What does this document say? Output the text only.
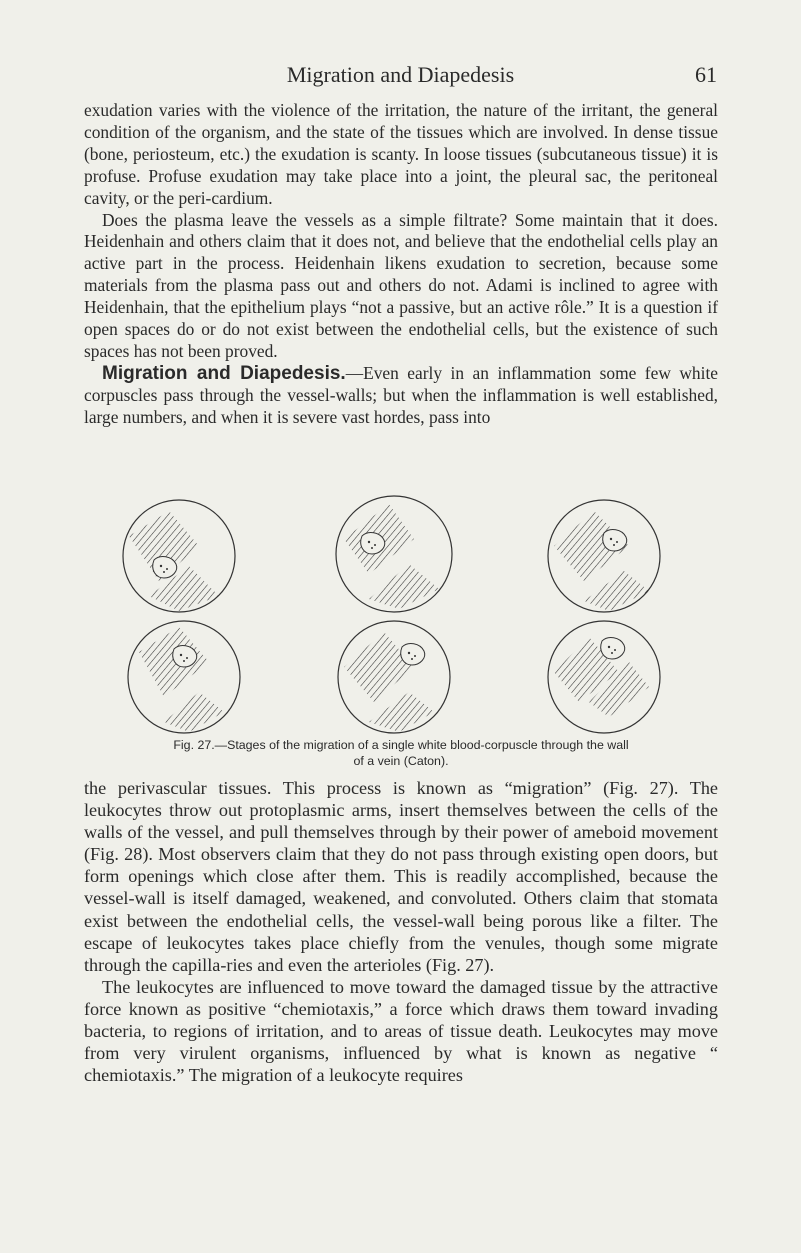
Migration and Diapedesis	61

exudation varies with the violence of the irritation, the nature of the irritant, the general condition of the organism, and the state of the tissues which are involved. In dense tissue (bone, periosteum, etc.) the exudation is scanty. In loose tissues (subcutaneous tissue) it is profuse. Profuse exudation may take place into a joint, the pleural sac, the peritoneal cavity, or the peri-cardium.

Does the plasma leave the vessels as a simple filtrate? Some maintain that it does. Heidenhain and others claim that it does not, and believe that the endothelial cells play an active part in the process. Heidenhain likens exudation to secretion, because some materials from the plasma pass out and others do not. Adami is inclined to agree with Heidenhain, that the epithelium plays “not a passive, but an active rôle.” It is a question if open spaces do or do not exist between the endothelial cells, but the existence of such spaces has not been proved.

Migration and Diapedesis.—Even early in an inflammation some few white corpuscles pass through the vessel-walls; but when the inflammation is well established, large numbers, and when it is severe vast hordes, pass into

Fig. 27.—Stages of the migration of a single white blood-corpuscle through the wall
of a vein (Caton).

the perivascular tissues. This process is known as “migration” (Fig. 27). The leukocytes throw out protoplasmic arms, insert themselves between the cells of the walls of the vessel, and pull themselves through by their power of ameboid movement (Fig. 28). Most observers claim that they do not pass through existing open doors, but form openings which close after them. This is readily accomplished, because the vessel-wall is itself damaged, weakened, and convoluted. Others claim that stomata exist between the endothelial cells, the vessel-wall being porous like a filter. The escape of leukocytes takes place chiefly from the venules, though some migrate through the capilla-ries and even the arterioles (Fig. 27).

The leukocytes are influenced to move toward the damaged tissue by the attractive force known as positive “chemiotaxis,” a force which draws them toward invading bacteria, to regions of irritation, and to areas of tissue death. Leukocytes may move from very virulent organisms, influenced by what is known as negative “ chemiotaxis.” The migration of a leukocyte requires
